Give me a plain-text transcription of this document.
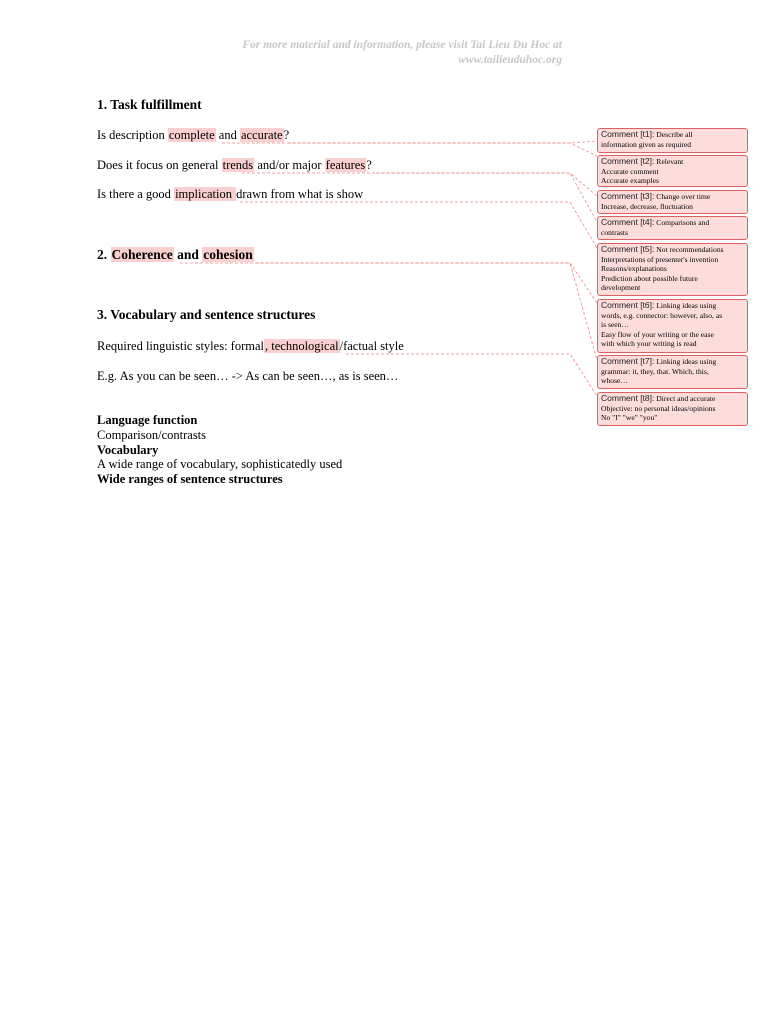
For more material and information, please visit Tai Lieu Du Hoc at
www.tailieuduhoc.org
1. Task fulfillment
Is description complete and accurate?
Does it focus on general trends and/or major features?
Is there a good implication drawn from what is show
2. Coherence and cohesion
3. Vocabulary and sentence structures
Required linguistic styles: formal, technological/factual style
E.g. As you can be seen… -> As can be seen…, as is seen…
Language function
Comparison/contrasts
Vocabulary
A wide range of vocabulary, sophisticatedly used
Wide ranges of sentence structures
Comment [t1]: Describe all
information given as required
Comment [t2]: Relevant
Accurate comment
Accurate examples
Comment [t3]: Change over time
Increase, decrease, fluctuation
Comment [t4]: Comparisons and
contrasts
Comment [t5]: Not recommendations
Interpretations of presenter's invention
Reasons/explanations
Prediction about possible future
development
Comment [t6]: Linking ideas using
words, e.g. connector: however, also, as
is seen…
Easy flow of your writing or the ease
with which your writing is read
Comment [t7]: Linking ideas using
grammar: it, they, that. Which, this,
whose…
Comment [t8]: Direct and accurate
Objective: no personal ideas/opinions
No "I" "we" "you"
